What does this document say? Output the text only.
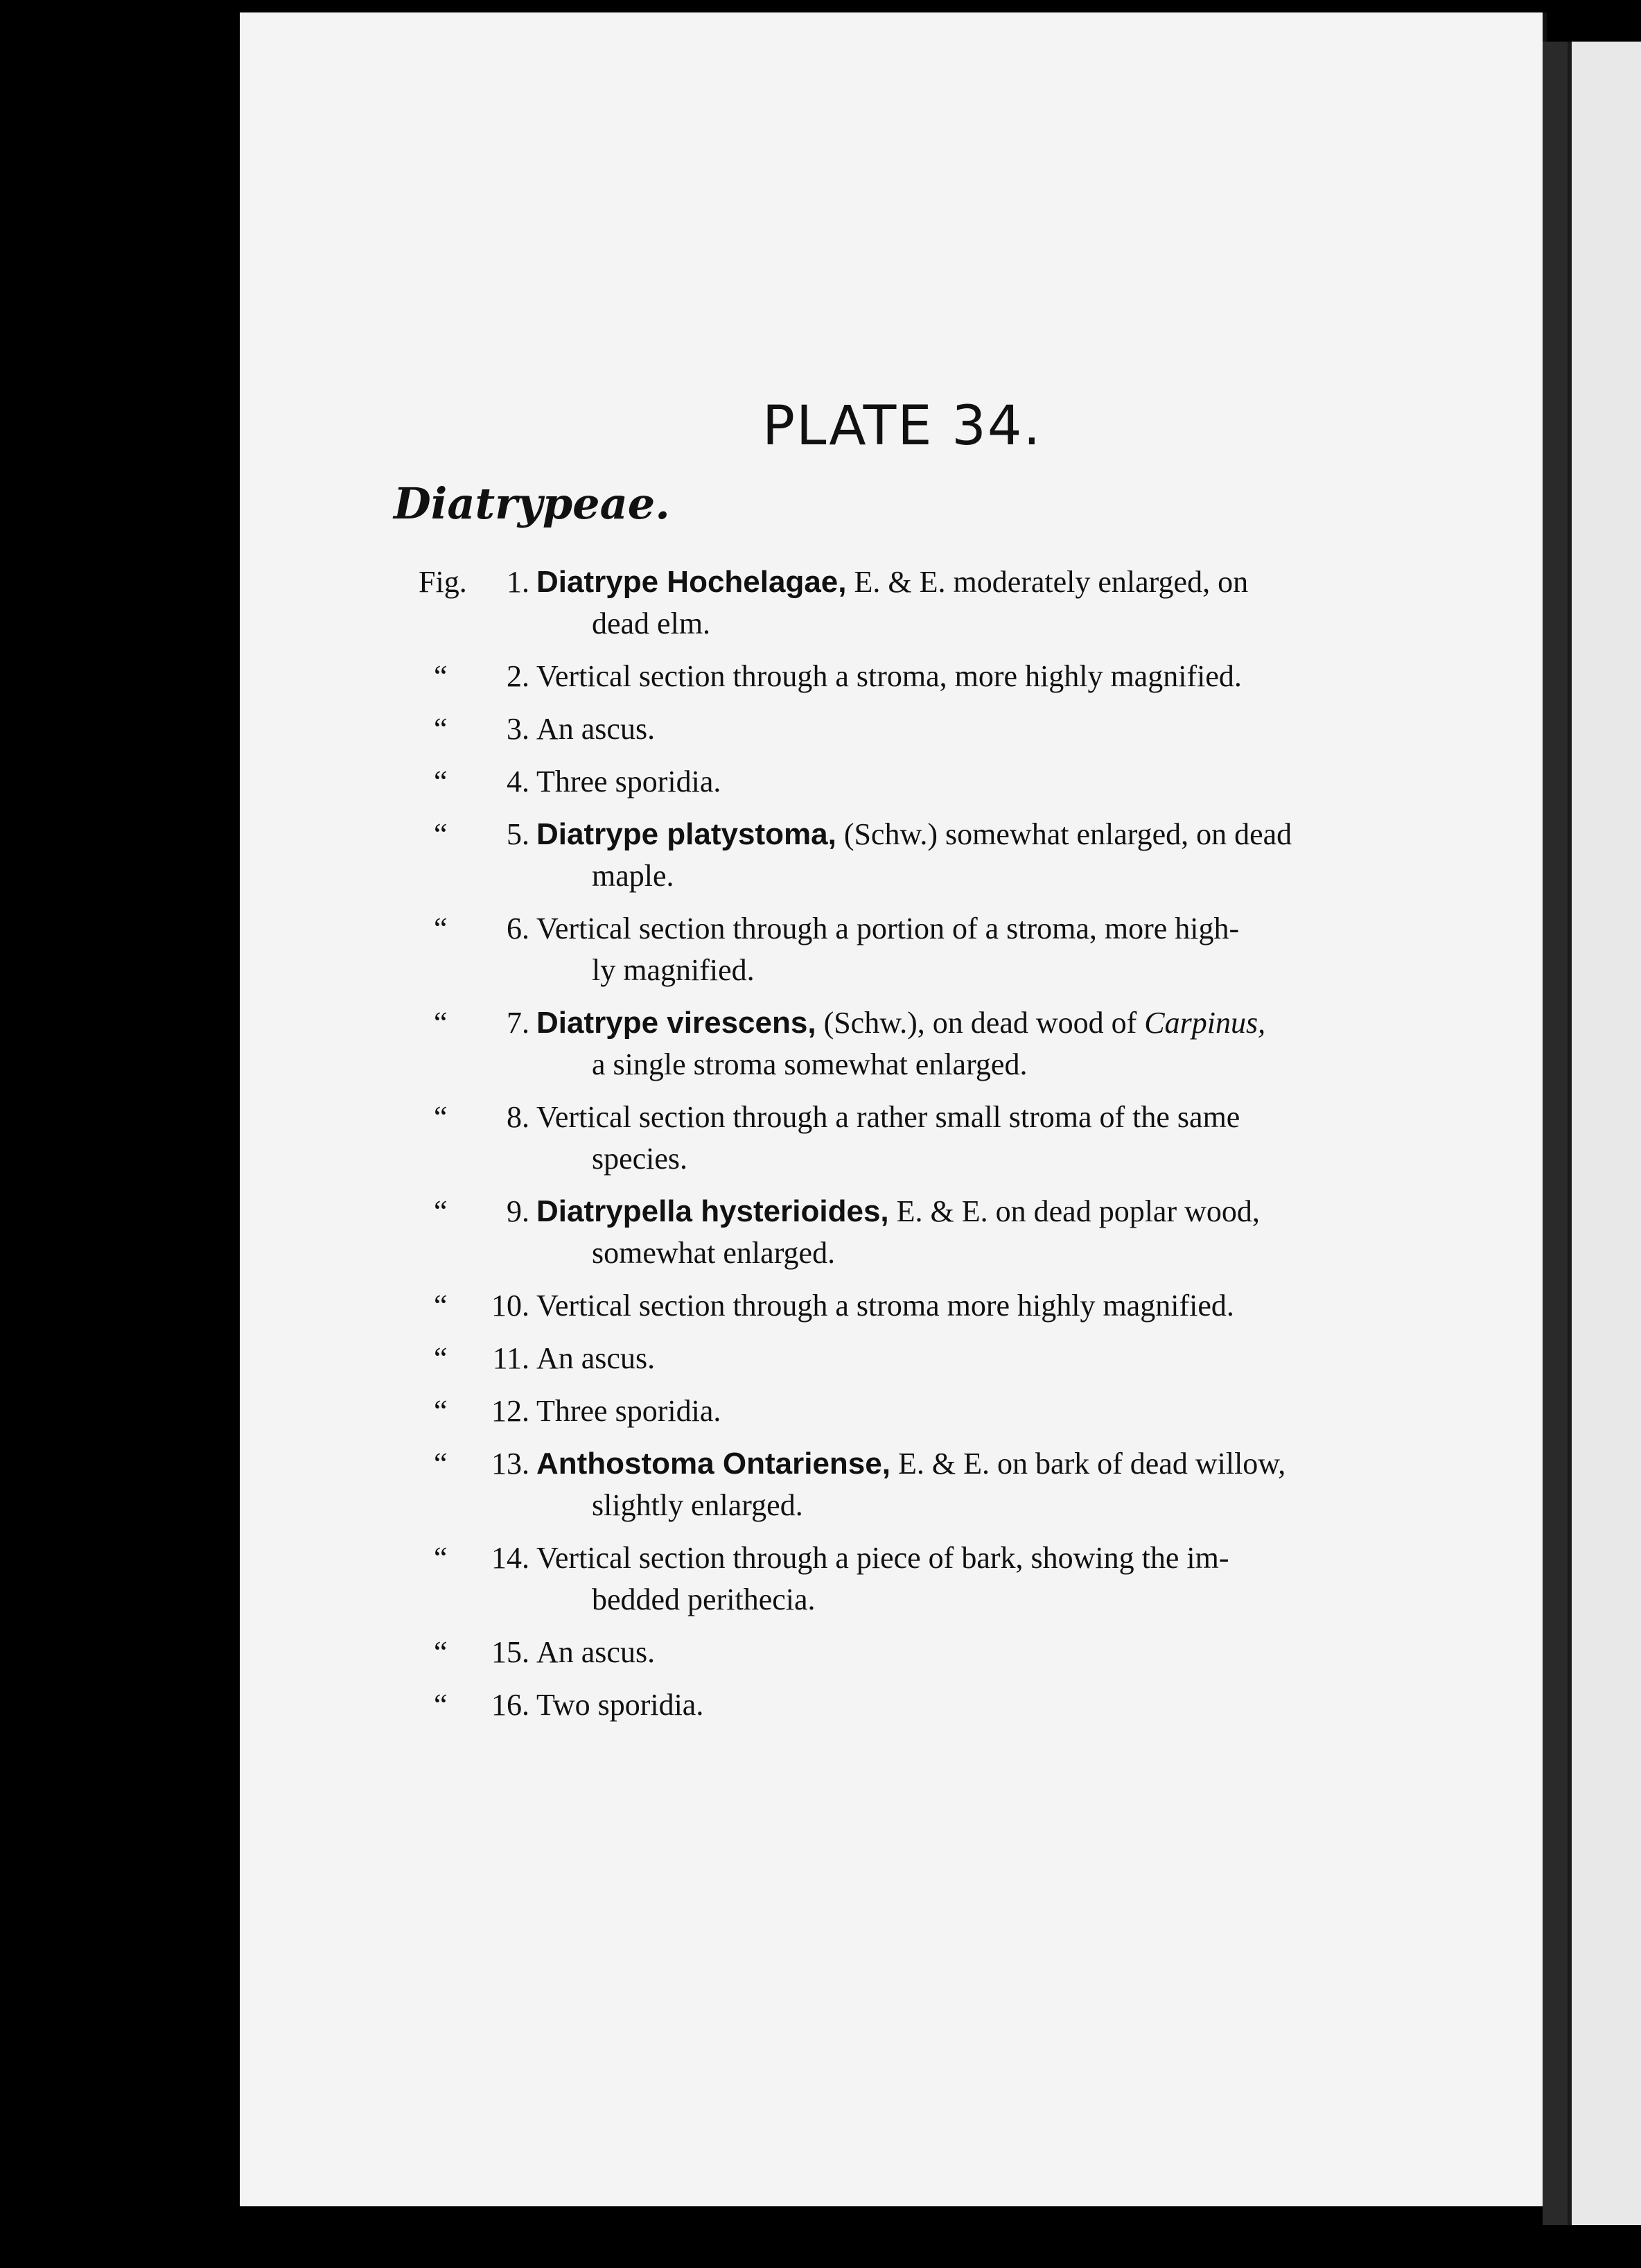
PLATE 34.
Diatrypeae.
Fig. 1. Diatrype Hochelagae, E. & E. moderately enlarged, on
dead elm.
“ 2. Vertical section through a stroma, more highly magnified.
“ 3. An ascus.
“ 4. Three sporidia.
“ 5. Diatrype platystoma, (Schw.) somewhat enlarged, on dead
maple.
“ 6. Vertical section through a portion of a stroma, more high-
ly magnified.
“ 7. Diatrype virescens, (Schw.), on dead wood of Carpinus,
a single stroma somewhat enlarged.
“ 8. Vertical section through a rather small stroma of the same
species.
“ 9. Diatrypella hysterioides, E. & E. on dead poplar wood,
somewhat enlarged.
“ 10. Vertical section through a stroma more highly magnified.
“ 11. An ascus.
“ 12. Three sporidia.
“ 13. Anthostoma Ontariense, E. & E. on bark of dead willow,
slightly enlarged.
“ 14. Vertical section through a piece of bark, showing the im-
bedded perithecia.
“ 15. An ascus.
“ 16. Two sporidia.
